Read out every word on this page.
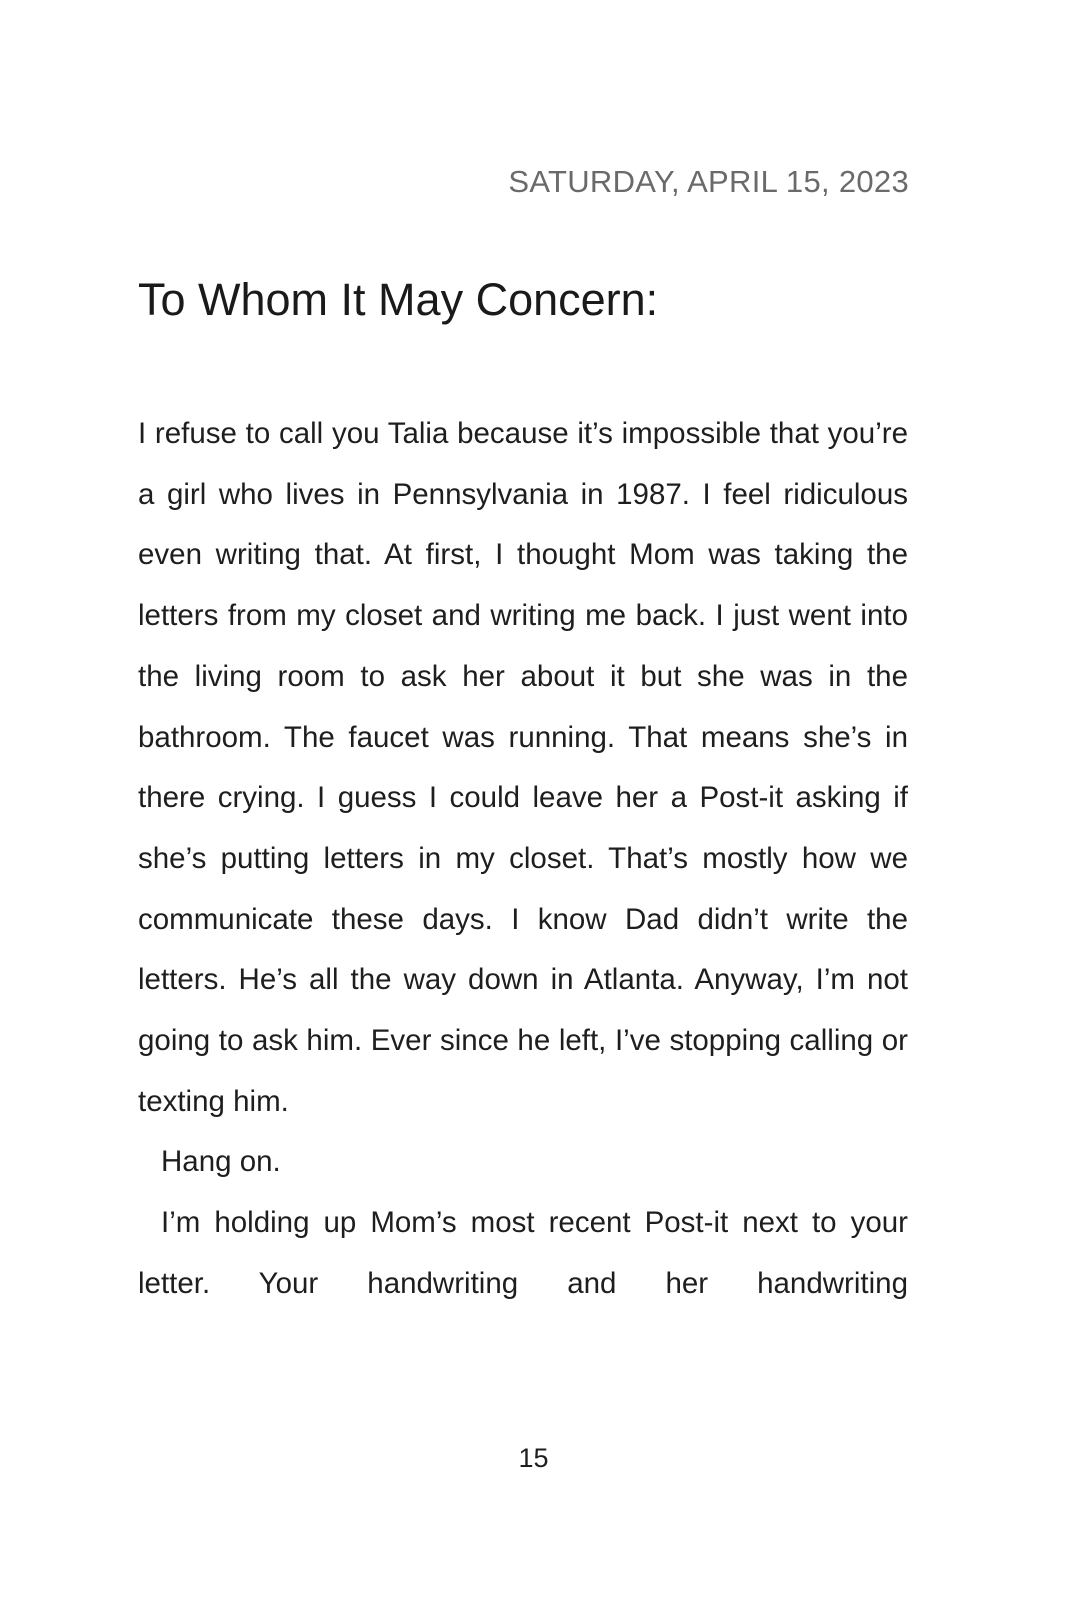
SATURDAY, APRIL 15, 2023
To Whom It May Concern:

I refuse to call you Talia because it’s impossible that you’re a girl who lives in Pennsylvania in 1987. I feel ridiculous even writing that. At first, I thought Mom was taking the letters from my closet and writing me back. I just went into the living room to ask her about it but she was in the bathroom. The faucet was running. That means she’s in there crying. I guess I could leave her a Post-it asking if she’s putting letters in my closet. That’s mostly how we communicate these days. I know Dad didn’t write the letters. He’s all the way down in Atlanta. Anyway, I’m not going to ask him. Ever since he left, I’ve stopping calling or texting him.

Hang on.

I’m holding up Mom’s most recent Post-it next to your letter. Your handwriting and her handwriting

15
